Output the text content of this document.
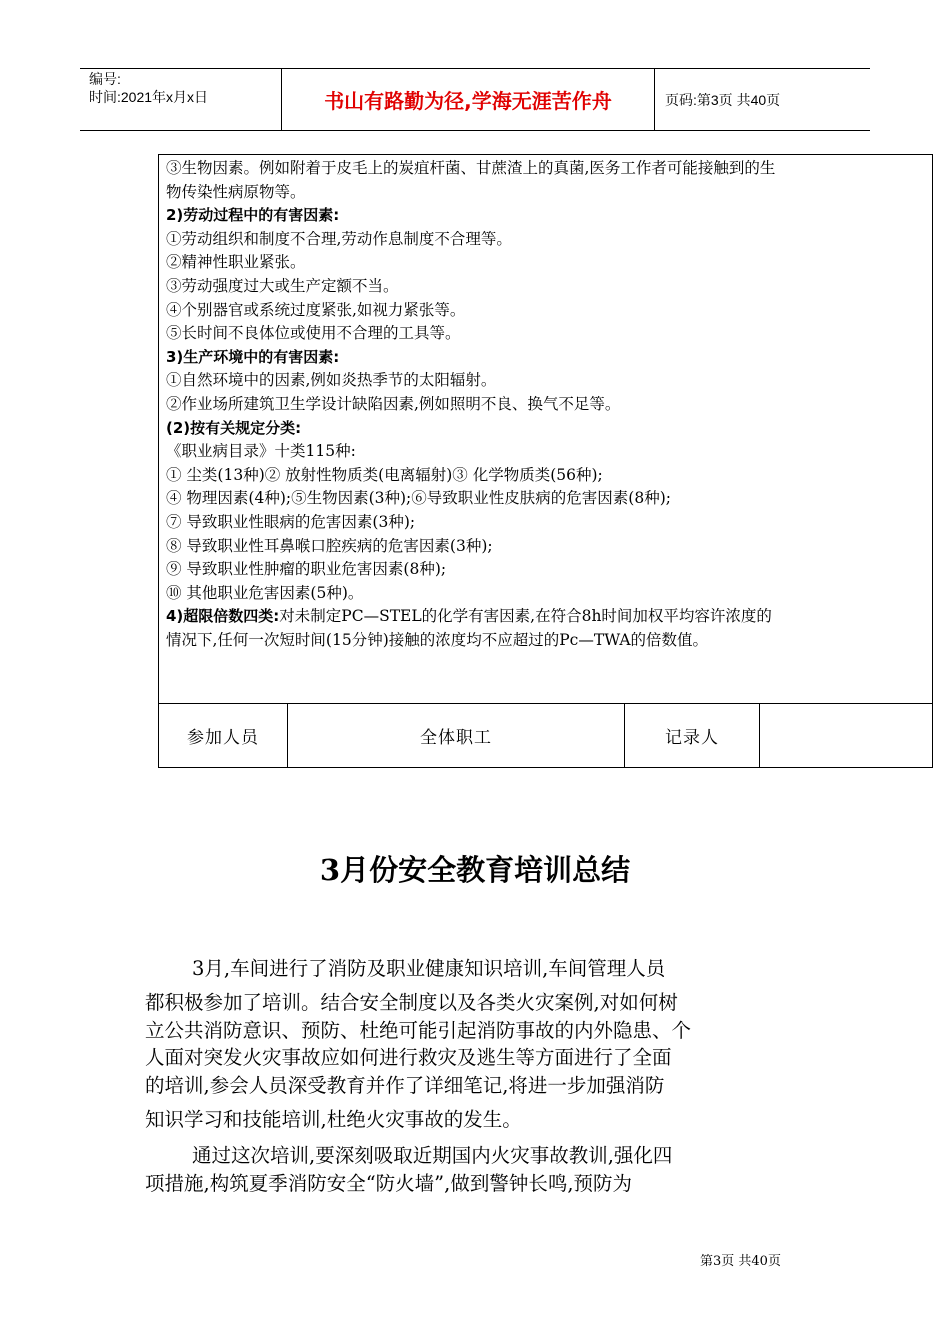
编号:
时间:2021年x月x日	书山有路勤为径,学海无涯苦作舟	页码:第3页 共40页
③生物因素。例如附着于皮毛上的炭疽杆菌、甘蔗渣上的真菌,医务工作者可能接触到的生
物传染性病原物等。
2)劳动过程中的有害因素:
①劳动组织和制度不合理,劳动作息制度不合理等。
②精神性职业紧张。
③劳动强度过大或生产定额不当。
④个别器官或系统过度紧张,如视力紧张等。
⑤长时间不良体位或使用不合理的工具等。
3)生产环境中的有害因素:
①自然环境中的因素,例如炎热季节的太阳辐射。
②作业场所建筑卫生学设计缺陷因素,例如照明不良、换气不足等。
(2)按有关规定分类:
《职业病目录》十类115种:
① 尘类(13种)② 放射性物质类(电离辐射)③ 化学物质类(56种);
④ 物理因素(4种);⑤生物因素(3种);⑥导致职业性皮肤病的危害因素(8种);
⑦ 导致职业性眼病的危害因素(3种);
⑧ 导致职业性耳鼻喉口腔疾病的危害因素(3种);
⑨ 导致职业性肿瘤的职业危害因素(8种);
⑩ 其他职业危害因素(5种)。
4)超限倍数四类:对未制定PC—STEL的化学有害因素,在符合8h时间加权平均容许浓度的
情况下,任何一次短时间(15分钟)接触的浓度均不应超过的Pc—TWA的倍数值。
参加人员	全体职工	记录人
3月份安全教育培训总结

3月,车间进行了消防及职业健康知识培训,车间管理人员
都积极参加了培训。结合安全制度以及各类火灾案例,对如何树
立公共消防意识、预防、杜绝可能引起消防事故的内外隐患、个
人面对突发火灾事故应如何进行救灾及逃生等方面进行了全面
的培训,参会人员深受教育并作了详细笔记,将进一步加强消防
知识学习和技能培训,杜绝火灾事故的发生。

通过这次培训,要深刻吸取近期国内火灾事故教训,强化四
项措施,构筑夏季消防安全“防火墙”,做到警钟长鸣,预防为

第3页 共40页
